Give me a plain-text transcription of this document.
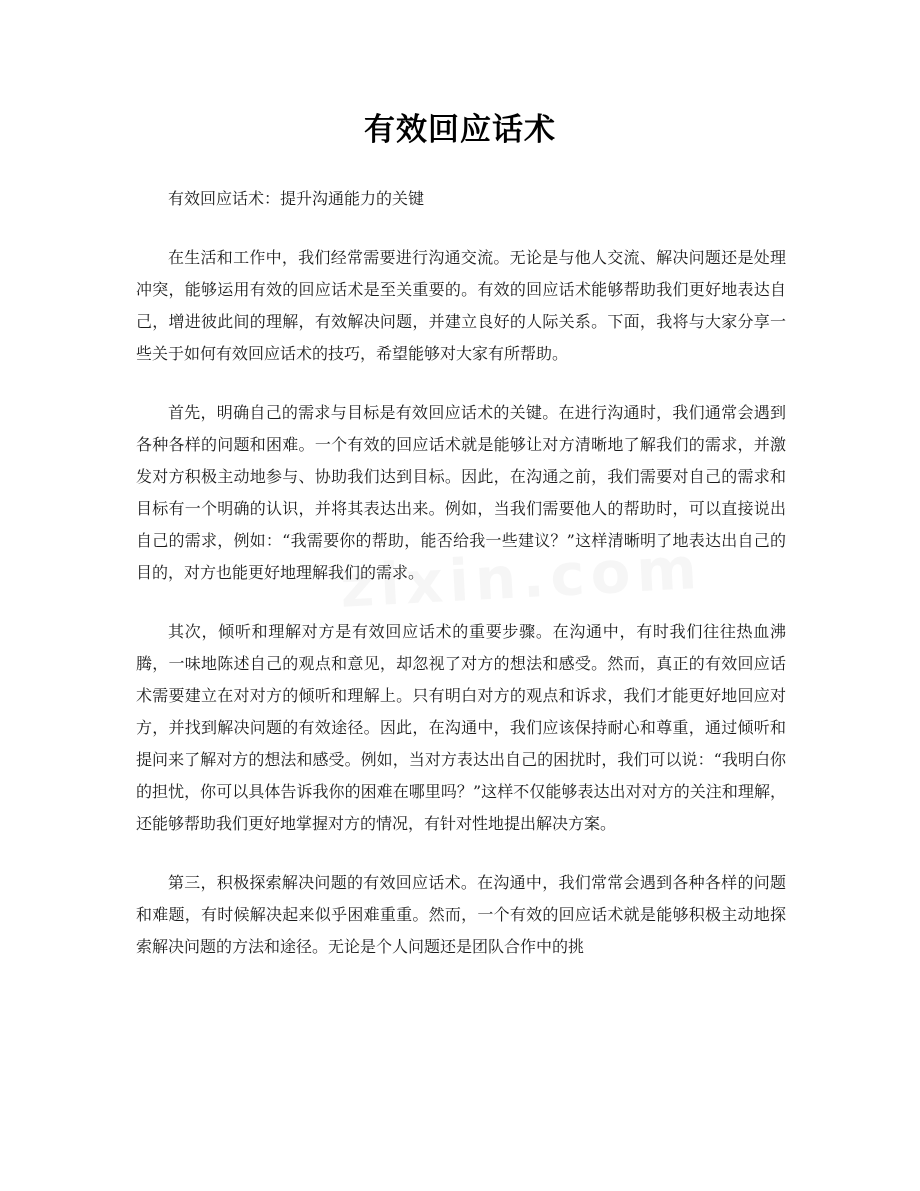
有效回应话术

有效回应话术：提升沟通能力的关键

在生活和工作中，我们经常需要进行沟通交流。无论是与他人交流、解决问题还是处理冲突，能够运用有效的回应话术是至关重要的。有效的回应话术能够帮助我们更好地表达自己，增进彼此间的理解，有效解决问题，并建立良好的人际关系。下面，我将与大家分享一些关于如何有效回应话术的技巧，希望能够对大家有所帮助。

首先，明确自己的需求与目标是有效回应话术的关键。在进行沟通时，我们通常会遇到各种各样的问题和困难。一个有效的回应话术就是能够让对方清晰地了解我们的需求，并激发对方积极主动地参与、协助我们达到目标。因此，在沟通之前，我们需要对自己的需求和目标有一个明确的认识，并将其表达出来。例如，当我们需要他人的帮助时，可以直接说出自己的需求，例如：“我需要你的帮助，能否给我一些建议？”这样清晰明了地表达出自己的目的，对方也能更好地理解我们的需求。

其次，倾听和理解对方是有效回应话术的重要步骤。在沟通中，有时我们往往热血沸腾，一味地陈述自己的观点和意见，却忽视了对方的想法和感受。然而，真正的有效回应话术需要建立在对对方的倾听和理解上。只有明白对方的观点和诉求，我们才能更好地回应对方，并找到解决问题的有效途径。因此，在沟通中，我们应该保持耐心和尊重，通过倾听和提问来了解对方的想法和感受。例如，当对方表达出自己的困扰时，我们可以说：“我明白你的担忧，你可以具体告诉我你的困难在哪里吗？”这样不仅能够表达出对对方的关注和理解，还能够帮助我们更好地掌握对方的情况，有针对性地提出解决方案。

第三，积极探索解决问题的有效回应话术。在沟通中，我们常常会遇到各种各样的问题和难题，有时候解决起来似乎困难重重。然而，一个有效的回应话术就是能够积极主动地探索解决问题的方法和途径。无论是个人问题还是团队合作中的挑
